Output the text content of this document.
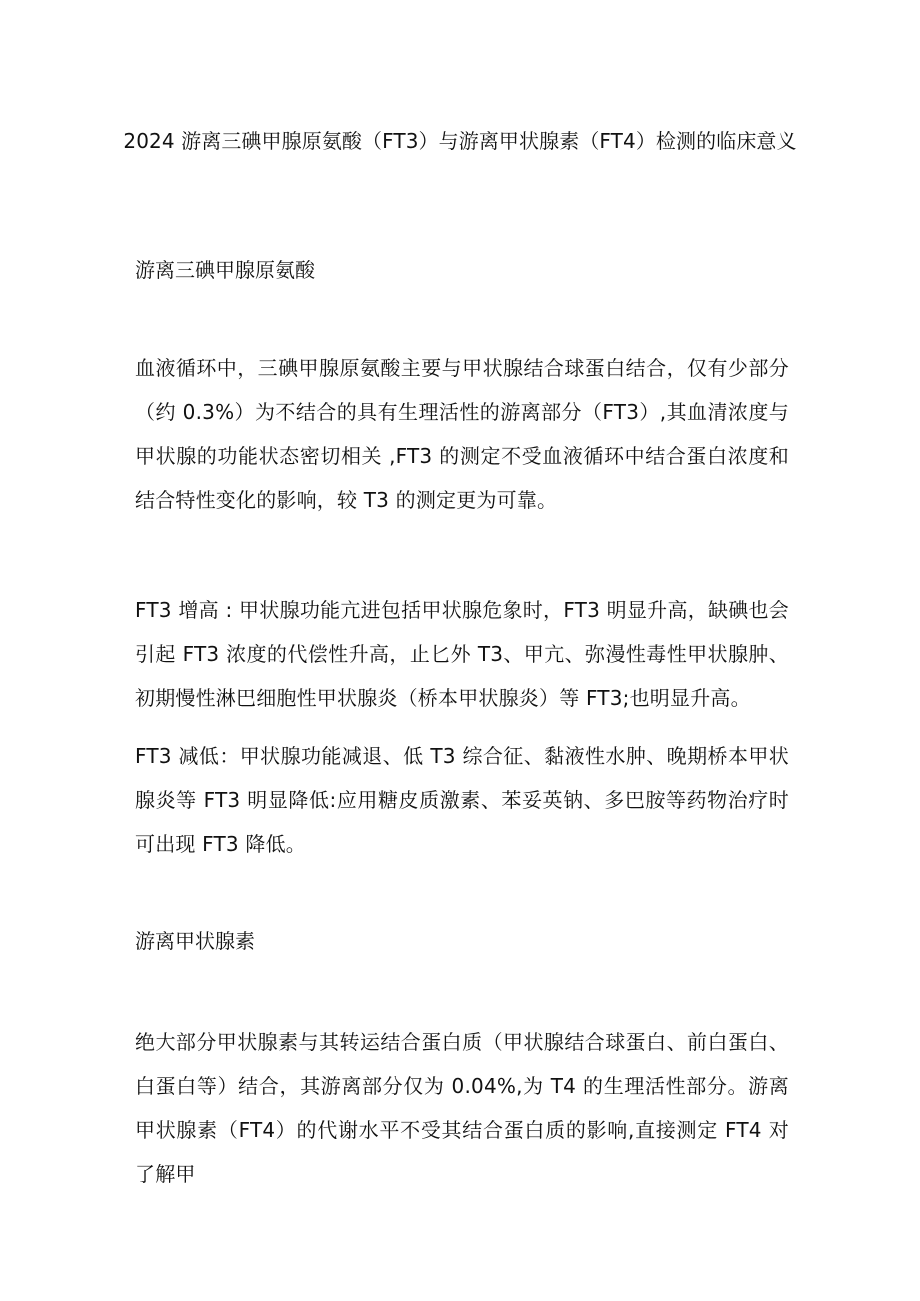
2024 游离三碘甲腺原氨酸（FT3）与游离甲状腺素（FT4）检测的临床意义
游离三碘甲腺原氨酸

血液循环中，三碘甲腺原氨酸主要与甲状腺结合球蛋白结合，仅有少部分（约 0.3%）为不结合的具有生理活性的游离部分（FT3）,其血清浓度与甲状腺的功能状态密切相关 ,FT3 的测定不受血液循环中结合蛋白浓度和结合特性变化的影响，较 T3 的测定更为可靠。

FT3 增高 : 甲状腺功能亢进包括甲状腺危象时，FT3 明显升高，缺碘也会引起 FT3 浓度的代偿性升高，止匕外 T3、甲亢、弥漫性毒性甲状腺肿、初期慢性淋巴细胞性甲状腺炎（桥本甲状腺炎）等 FT3;也明显升高。

FT3 减低：甲状腺功能减退、低 T3 综合征、黏液性水肿、晚期桥本甲状腺炎等 FT3 明显降低:应用糖皮质激素、苯妥英钠、多巴胺等药物治疗时可出现 FT3 降低。

游离甲状腺素

绝大部分甲状腺素与其转运结合蛋白质（甲状腺结合球蛋白、前白蛋白、白蛋白等）结合，其游离部分仅为 0.04%,为 T4 的生理活性部分。游离甲状腺素（FT4）的代谢水平不受其结合蛋白质的影响,直接测定 FT4 对了解甲
